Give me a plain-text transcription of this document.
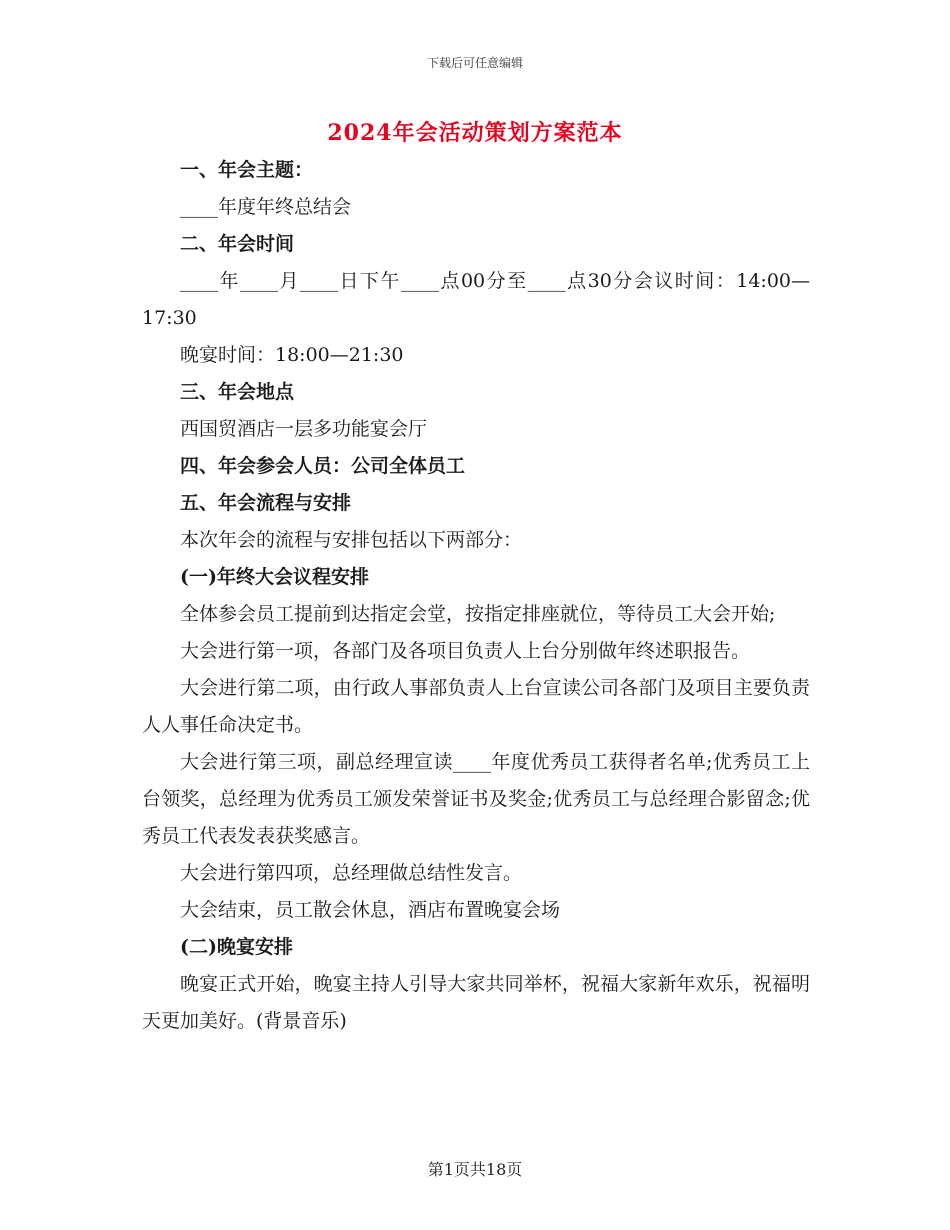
下载后可任意编辑
2024年会活动策划方案范本

一、年会主题：

____年度年终总结会

二、年会时间

____年____月____日下午____点00分至____点30分会议时间：14:00—17:30

晚宴时间：18:00—21:30

三、年会地点

西国贸酒店一层多功能宴会厅

四、年会参会人员：公司全体员工

五、年会流程与安排

本次年会的流程与安排包括以下两部分：

(一)年终大会议程安排

全体参会员工提前到达指定会堂，按指定排座就位，等待员工大会开始;

大会进行第一项，各部门及各项目负责人上台分别做年终述职报告。

大会进行第二项，由行政人事部负责人上台宣读公司各部门及项目主要负责人人事任命决定书。

大会进行第三项，副总经理宣读____年度优秀员工获得者名单;优秀员工上台领奖，总经理为优秀员工颁发荣誉证书及奖金;优秀员工与总经理合影留念;优秀员工代表发表获奖感言。

大会进行第四项，总经理做总结性发言。

大会结束，员工散会休息，酒店布置晚宴会场

(二)晚宴安排

晚宴正式开始，晚宴主持人引导大家共同举杯，祝福大家新年欢乐，祝福明天更加美好。(背景音乐)

第1页共18页
